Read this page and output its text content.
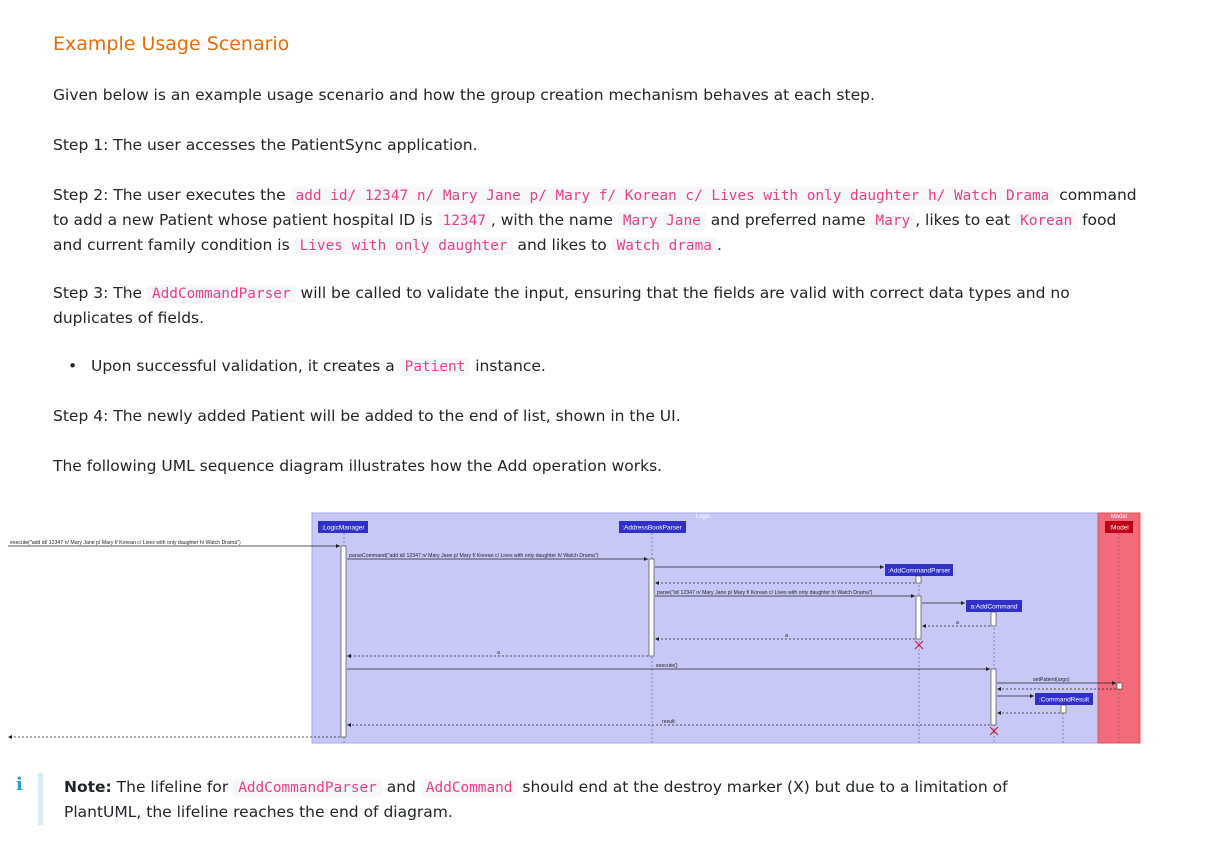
Example Usage Scenario

Given below is an example usage scenario and how the group creation mechanism behaves at each step.

Step 1: The user accesses the PatientSync application.

Step 2: The user executes the add id/ 12347 n/ Mary Jane p/ Mary f/ Korean c/ Lives with only daughter h/ Watch Drama command to add a new Patient whose patient hospital ID is 12347 , with the name Mary Jane and preferred name Mary , likes to eat Korean food and current family condition is Lives with only daughter and likes to Watch drama .

Step 3: The AddCommandParser will be called to validate the input, ensuring that the fields are valid with correct data types and no duplicates of fields.

• Upon successful validation, it creates a Patient instance.

Step 4: The newly added Patient will be added to the end of list, shown in the UI.

The following UML sequence diagram illustrates how the Add operation works.

Logic	Model
:LogicManager	:AddressBookParser
:AddCommandParser
a:AddCommand
:CommandResult
:Model
execute("add id/ 12347 n/ Mary Jane p/ Mary f/ Korean c/ Lives with only daughter h/ Watch Drama")
parseCommand("add id/ 12347 n/ Mary Jane p/ Mary f/ Korean c/ Lives with only daughter h/ Watch Drama")
parse("id/ 12347 n/ Mary Jane p/ Mary f/ Korean c/ Lives with only daughter h/ Watch Drama")
a
a
a
execute()
setPatient(args)
result
i	Note: The lifeline for AddCommandParser and AddCommand should end at the destroy marker (X) but due to a limitation of PlantUML, the lifeline reaches the end of diagram.
